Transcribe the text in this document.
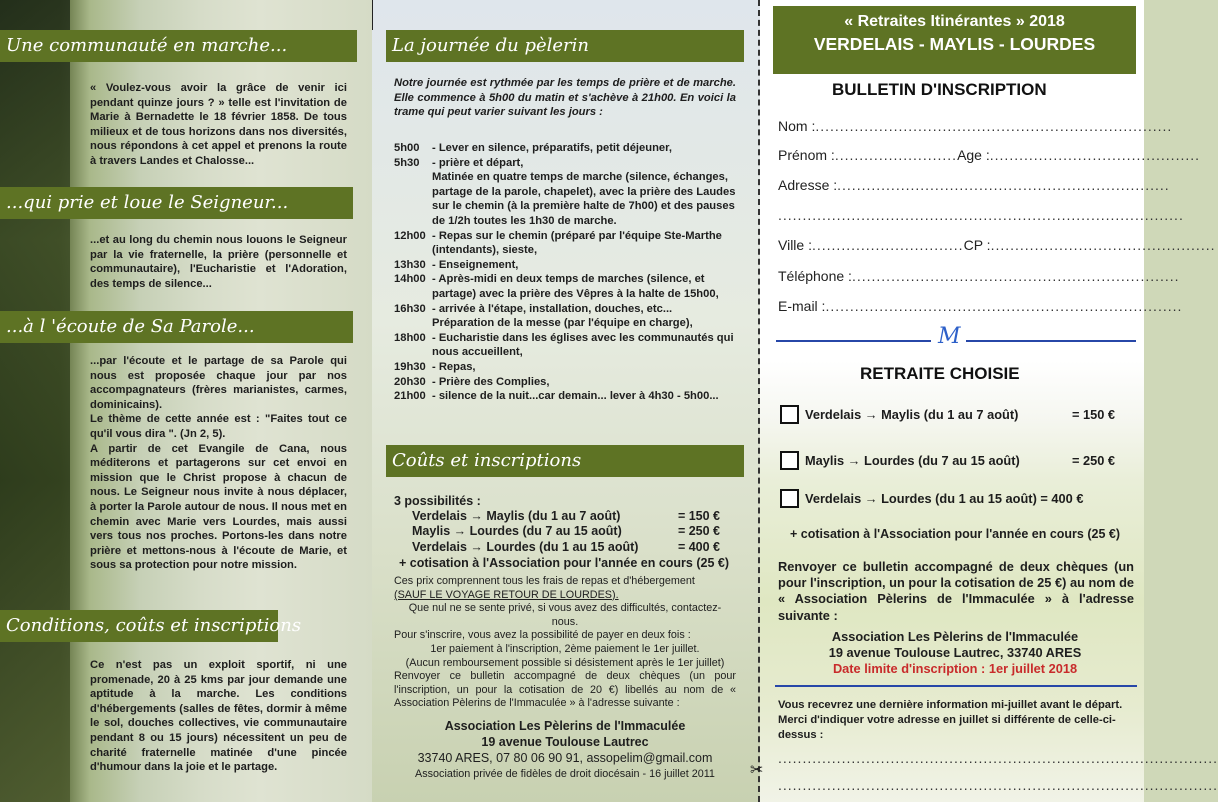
Une communauté en marche...
« Voulez-vous avoir la grâce de venir ici pendant quinze jours ? » telle est l'invitation de Marie à Bernadette le 18 février 1858. De tous milieux et de tous horizons dans nos diversités, nous répondons à cet appel et prenons la route à travers Landes et Chalosse...
...qui prie et loue le Seigneur...
...et au long du chemin nous louons le Seigneur par la vie fraternelle, la prière (personnelle et communautaire), l'Eucharistie et l'Adoration, des temps de silence...
...à l 'écoute de Sa Parole...

...par l'écoute et le partage de sa Parole qui nous est proposée chaque jour par nos accompagnateurs (frères marianistes, carmes, dominicains).

Le thème de cette année est : "Faites tout ce qu'il vous dira ". (Jn 2, 5).

A partir de cet Evangile de Cana, nous méditerons et partagerons sur cet envoi en mission que le Christ propose à chacun de nous. Le Seigneur nous invite à nous déplacer, à porter la Parole autour de nous. Il nous met en chemin avec Marie vers Lourdes, mais aussi vers tous nos proches. Portons-les dans notre prière et mettons-nous à l'écoute de Marie, et sous sa protection pour notre mission.

Conditions, coûts et inscriptions
Ce n'est pas un exploit sportif, ni une promenade, 20 à 25 kms par jour demande une aptitude à la marche. Les conditions d'hébergements (salles de fêtes, dormir à même le sol, douches collectives, vie communautaire pendant 8 ou 15 jours) nécessitent un peu de charité fraternelle matinée d'une pincée d'humour dans la joie et le partage.
La journée du pèlerin
Notre journée est rythmée par les temps de prière et de marche. Elle commence à 5h00 du matin et s'achève à 21h00. En voici la trame qui peut varier suivant les jours :
5h00	- Lever en silence, préparatifs, petit déjeuner,
5h30	- prière et départ,
Matinée en quatre temps de marche (silence, échanges, partage de la parole, chapelet), avec la prière des Laudes sur le chemin (à la première halte de 7h00) et des pauses de 1/2h toutes les 1h30 de marche.
12h00 - Repas sur le chemin (préparé par l'équipe Ste-Marthe (intendants), sieste,
13h30 - Enseignement,
14h00 - Après-midi en deux temps de marches (silence, et partage) avec la prière des Vêpres à la halte de 15h00,
16h30 - arrivée à l'étape, installation, douches, etc...
Préparation de la messe (par l'équipe en charge),
18h00 - Eucharistie dans les églises avec les communautés qui nous accueillent,
19h30 - Repas,
20h30 - Prière des Complies,
21h00 - silence de la nuit...car demain... lever à 4h30 - 5h00...
Coûts et inscriptions

3 possibilités :

Verdelais → Maylis (du 1 au 7 août)	= 150 €
Maylis → Lourdes (du 7 au 15 août)	= 250 €
Verdelais → Lourdes (du 1 au 15 août)	= 400 €

+ cotisation à l'Association pour l'année en cours (25 €)

Ces prix comprennent tous les frais de repas et d'hébergement

(SAUF LE VOYAGE RETOUR DE LOURDES).

Que nul ne se sente privé, si vous avez des difficultés, contactez-nous.

Pour s'inscrire, vous avez la possibilité de payer en deux fois :

1er paiement à l'inscription, 2ème paiement le 1er juillet.

(Aucun remboursement possible si désistement après le 1er juillet)

Renvoyer ce bulletin accompagné de deux chèques (un pour l'inscription, un pour la cotisation de 20 €) libellés au nom de « Association Pèlerins de l'Immaculée » à l'adresse suivante :

Association Les Pèlerins de l'Immaculée

19 avenue Toulouse Lautrec

33740 ARES, 07 80 06 90 91, assopelim@gmail.com

Association privée de fidèles de droit diocésain - 16 juillet 2011	✂
« Retraites Itinérantes » 2018
VERDELAIS - MAYLIS - LOURDES
BULLETIN D'INSCRIPTION
Nom :.........................................................................
Prénom :.........................Age :...........................................
Adresse :....................................................................
...................................................................................
Ville :...............................CP :..............................................
Téléphone :...................................................................
E-mail :.........................................................................
M
RETRAITE CHOISIE
Verdelais → Maylis (du 1 au 7 août)	= 150 €
Maylis → Lourdes (du 7 au 15 août)	= 250 €
Verdelais → Lourdes (du 1 au 15 août) = 400 €
+ cotisation à l'Association pour l'année en cours (25 €)
Renvoyer ce bulletin accompagné de deux chèques (un pour l'inscription, un pour la cotisation de 25 €) au nom de « Association Pèlerins de l'Immaculée » à l'adresse suivante :

Association Les Pèlerins de l'Immaculée

19 avenue Toulouse Lautrec, 33740 ARES

Date limite d'inscription : 1er juillet 2018

Vous recevrez une dernière information mi-juillet avant le départ. Merci d'indiquer votre adresse en juillet si différente de celle-ci-dessus :
..........................................................................................
..........................................................................................
